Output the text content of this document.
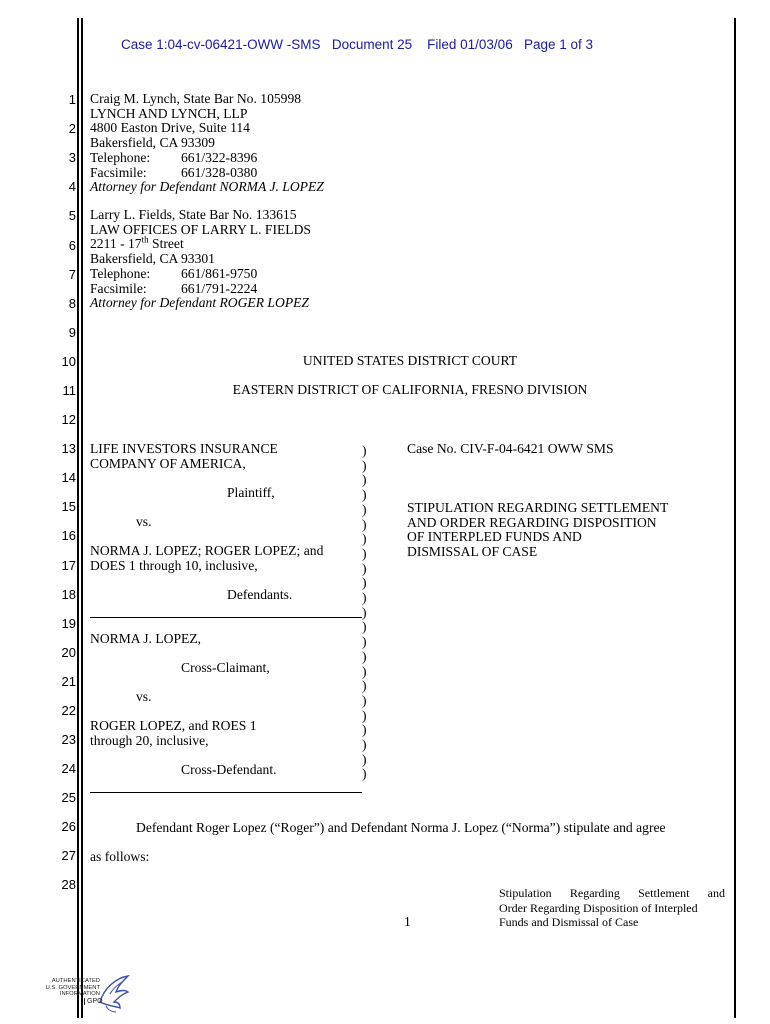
Case 1:04-cv-06421-OWW -SMS Document 25 Filed 01/03/06 Page 1 of 3
1
2
3
4
5
6
7
8
9
10
11
12
13
14
15
16
17
18
19
20
21
22
23
24
25
26
27
28
Craig M. Lynch, State Bar No. 105998
LYNCH AND LYNCH, LLP
4800 Easton Drive, Suite 114
Bakersfield, CA 93309
Telephone: 661/322-8396
Facsimile:	661/328-0380
Attorney for Defendant NORMA J. LOPEZ
Larry L. Fields, State Bar No. 133615
LAW OFFICES OF LARRY L. FIELDS
2211 - 17th Street
Bakersfield, CA 93301
Telephone: 661/861-9750
Facsimile:	661/791-2224
Attorney for Defendant ROGER LOPEZ
UNITED STATES DISTRICT COURT
EASTERN DISTRICT OF CALIFORNIA, FRESNO DIVISION
LIFE INVESTORS INSURANCE
COMPANY OF AMERICA,
Plaintiff,
vs.
NORMA J. LOPEZ; ROGER LOPEZ; and
DOES 1 through 10, inclusive,
Defendants.
NORMA J. LOPEZ,
Cross-Claimant,
vs.
ROGER LOPEZ, and ROES 1
through 20, inclusive,
Cross-Defendant.
)
)
)
)
)
)
)
)
)
)
)
)
)
)
)
)
)
)
)
)
)
)
)
Case No. CIV-F-04-6421 OWW SMS
STIPULATION REGARDING SETTLEMENT
AND ORDER REGARDING DISPOSITION
OF INTERPLED FUNDS AND
DISMISSAL OF CASE
Defendant Roger Lopez (“Roger”) and Defendant Norma J. Lopez (“Norma”) stipulate and agree
as follows:
1
Stipulation Regarding Settlement and
Order Regarding Disposition of Interpled
Funds and Dismissal of Case
AUTHENTICATED
U.S. GOVERNMENT
INFORMATION
GPO
